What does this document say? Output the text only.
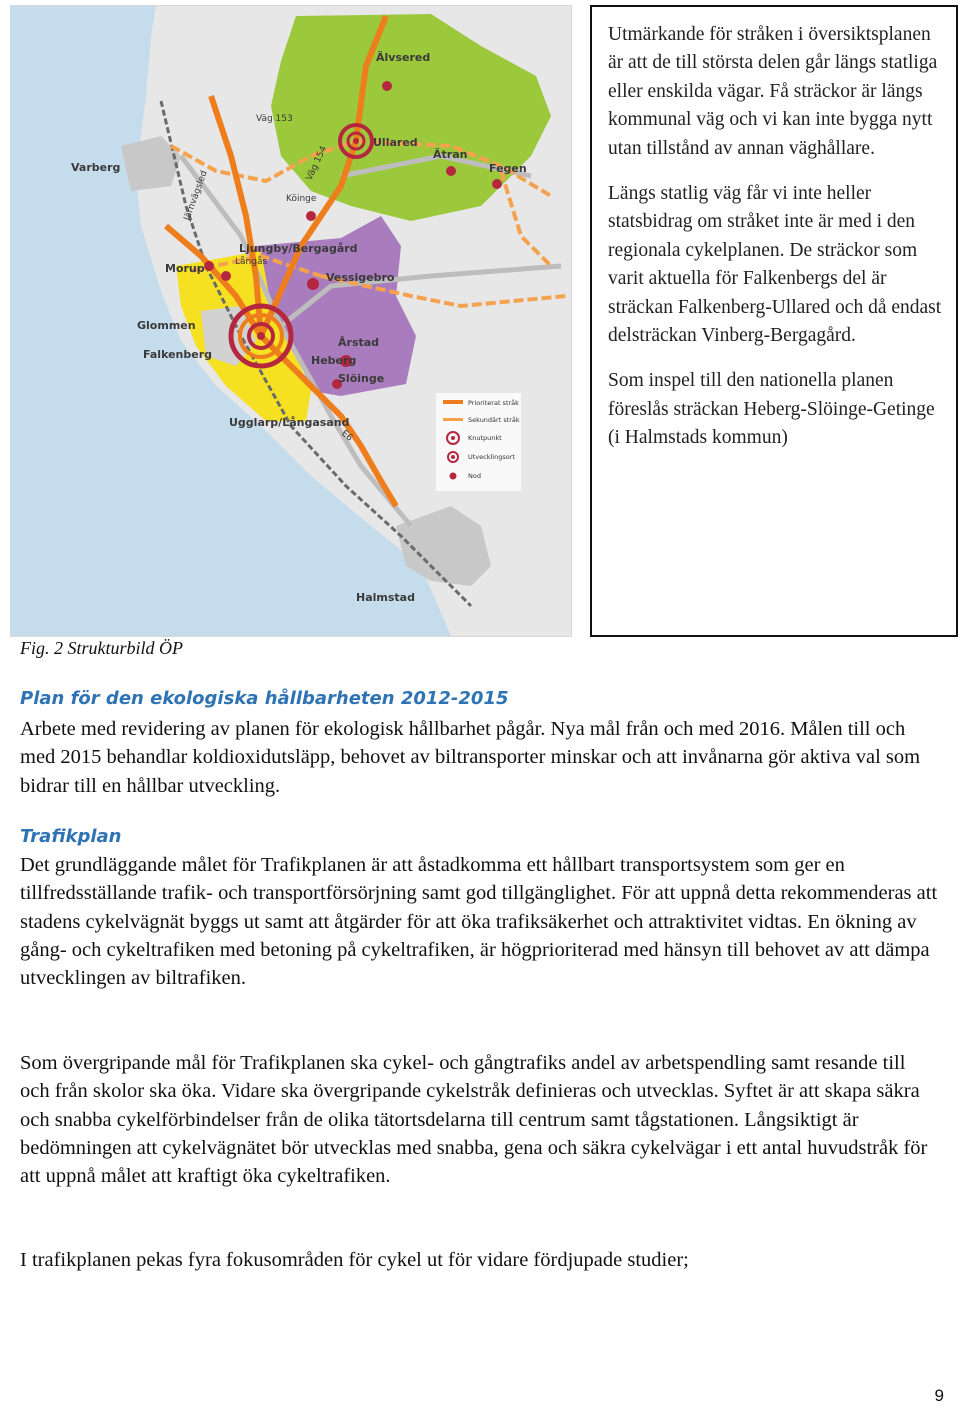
Älvsered
Väg 153
Ullared
Ätran
Fegen
Varberg
Köinge
Väg 154
Järnvägsled
Ljungby/Bergagård
Långås
Morup
Vessigebro
Glommen
Falkenberg
Årstad
Heberg
Slöinge
Ugglarp/Långasand
E6
Halmstad
Prioriterat stråk
Sekundärt stråk
Knutpunkt
Utvecklingsort
Nod

Utmärkande för stråken i översiktsplanen är att de till största delen går längs statliga eller enskilda vägar. Få sträckor är längs kommunal väg och vi kan inte bygga nytt utan tillstånd av annan väghållare.

Längs statlig väg får vi inte heller statsbidrag om stråket inte är med i den regionala cykelplanen. De sträckor som varit aktuella för Falkenbergs del är sträckan Falkenberg-Ullared och då endast delsträckan Vinberg-Bergagård.

Som inspel till den nationella planen föreslås sträckan Heberg-Slöinge-Getinge (i Halmstads kommun)

Fig. 2 Strukturbild ÖP
Plan för den ekologiska hållbarheten 2012-2015

Arbete med revidering av planen för ekologisk hållbarhet pågår. Nya mål från och med 2016. Målen till och med 2015 behandlar koldioxidutsläpp, behovet av biltransporter minskar och att invånarna gör aktiva val som bidrar till en hållbar utveckling.

Trafikplan

Det grundläggande målet för Trafikplanen är att åstadkomma ett hållbart transportsystem som ger en tillfredsställande trafik- och transportförsörjning samt god tillgänglighet. För att uppnå detta rekommenderas att stadens cykelvägnät byggs ut samt att åtgärder för att öka trafiksäkerhet och attraktivitet vidtas. En ökning av gång- och cykeltrafiken med betoning på cykeltrafiken, är högprioriterad med hänsyn till behovet av att dämpa utvecklingen av biltrafiken.

Som övergripande mål för Trafikplanen ska cykel- och gångtrafiks andel av arbetspendling samt resande till och från skolor ska öka. Vidare ska övergripande cykelstråk definieras och utvecklas. Syftet är att skapa säkra och snabba cykelförbindelser från de olika tätortsdelarna till centrum samt tågstationen. Långsiktigt är bedömningen att cykelvägnätet bör utvecklas med snabba, gena och säkra cykelvägar i ett antal huvudstråk för att uppnå målet att kraftigt öka cykeltrafiken.

I trafikplanen pekas fyra fokusområden för cykel ut för vidare fördjupade studier;

9
